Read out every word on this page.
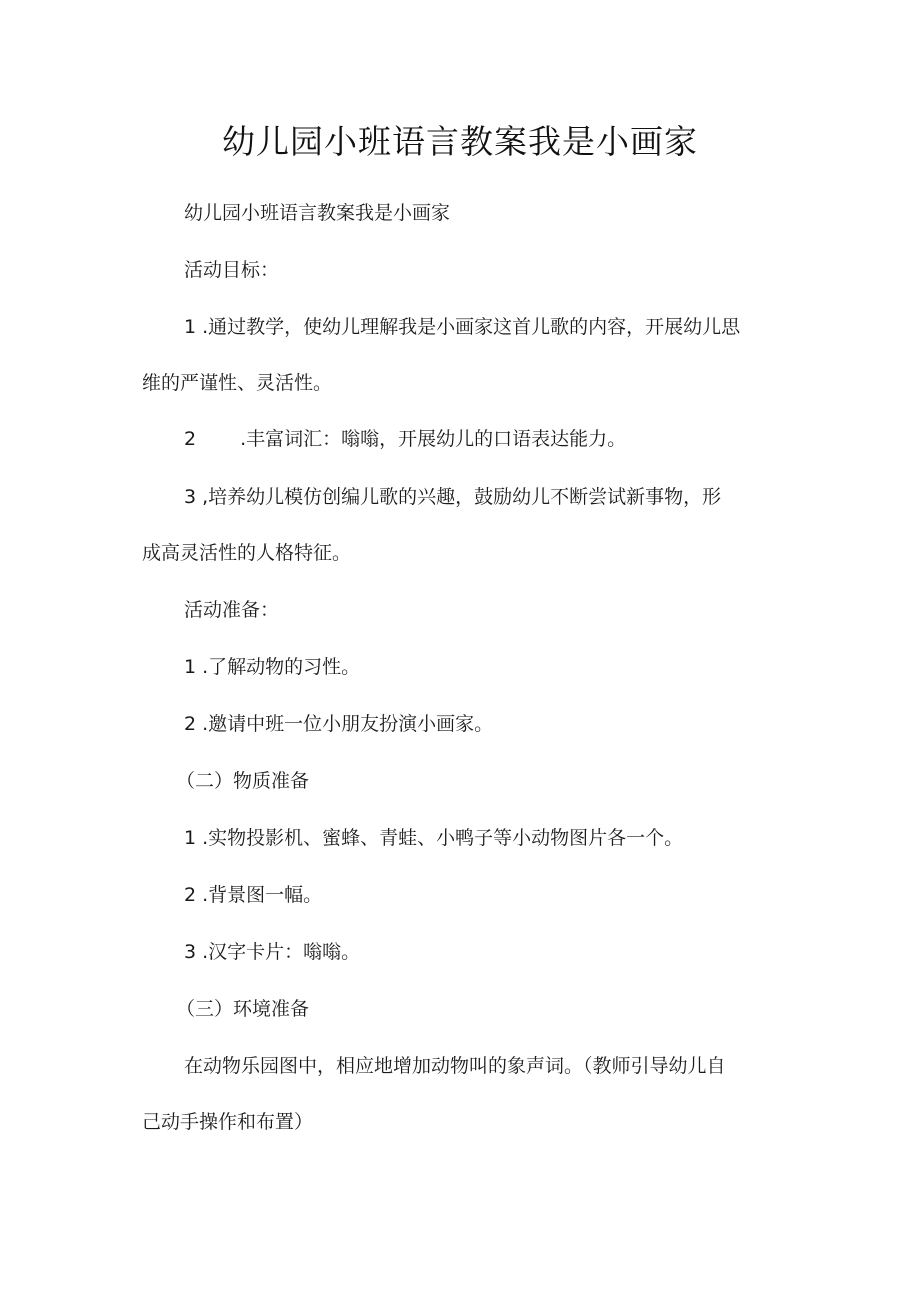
幼儿园小班语言教案我是小画家
幼儿园小班语言教案我是小画家
活动目标：
1 .通过教学，使幼儿理解我是小画家这首儿歌的内容，开展幼儿思
维的严谨性、灵活性。
2 .丰富词汇：嗡嗡，开展幼儿的口语表达能力。
3 ,培养幼儿模仿创编儿歌的兴趣，鼓励幼儿不断尝试新事物，形
成高灵活性的人格特征。
活动准备：
1 .了解动物的习性。
2 .邀请中班一位小朋友扮演小画家。
（二）物质准备
1 .实物投影机、蜜蜂、青蛙、小鸭子等小动物图片各一个。
2 .背景图一幅。
3 .汉字卡片：嗡嗡。
（三）环境准备
在动物乐园图中，相应地增加动物叫的象声词。（教师引导幼儿自
己动手操作和布置）
